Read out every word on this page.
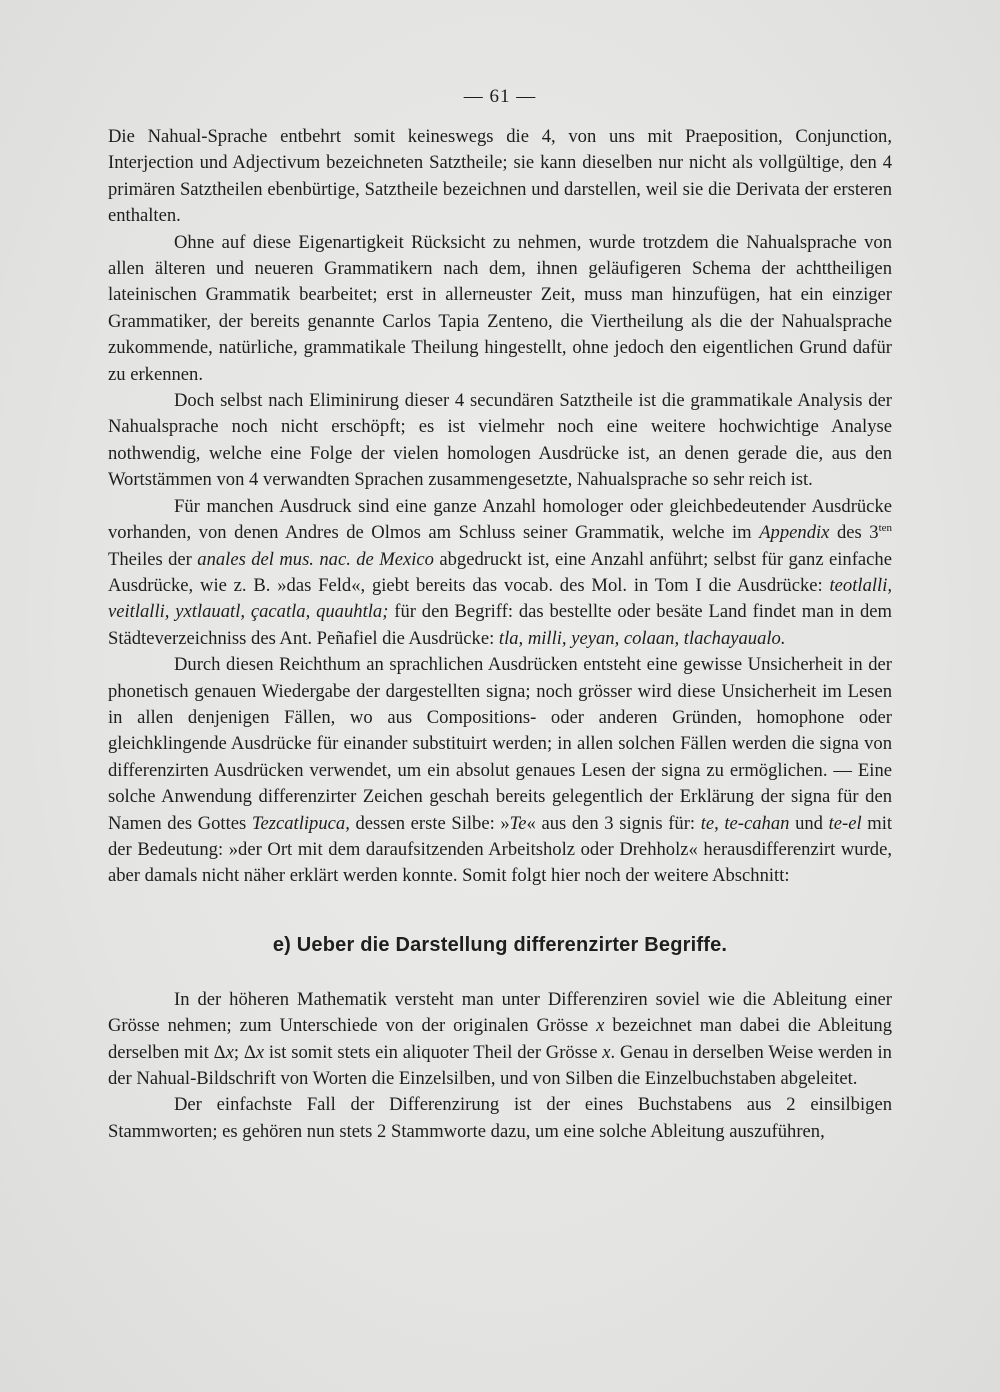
— 61 —

Die Nahual-Sprache entbehrt somit keineswegs die 4, von uns mit Praeposition, Conjunction, Interjection und Adjectivum bezeichneten Satztheile; sie kann dieselben nur nicht als vollgültige, den 4 primären Satztheilen ebenbürtige, Satztheile bezeichnen und darstellen, weil sie die Derivata der ersteren enthalten.

Ohne auf diese Eigenartigkeit Rücksicht zu nehmen, wurde trotzdem die Nahualsprache von allen älteren und neueren Grammatikern nach dem, ihnen geläufigeren Schema der achttheiligen lateinischen Grammatik bearbeitet; erst in allerneuster Zeit, muss man hinzufügen, hat ein einziger Grammatiker, der bereits genannte Carlos Tapia Zenteno, die Viertheilung als die der Nahualsprache zukommende, natürliche, grammatikale Theilung hingestellt, ohne jedoch den eigentlichen Grund dafür zu erkennen.

Doch selbst nach Eliminirung dieser 4 secundären Satztheile ist die grammatikale Analysis der Nahualsprache noch nicht erschöpft; es ist vielmehr noch eine weitere hochwichtige Analyse nothwendig, welche eine Folge der vielen homologen Ausdrücke ist, an denen gerade die, aus den Wortstämmen von 4 verwandten Sprachen zusammengesetzte, Nahualsprache so sehr reich ist.

Für manchen Ausdruck sind eine ganze Anzahl homologer oder gleichbedeutender Ausdrücke vorhanden, von denen Andres de Olmos am Schluss seiner Grammatik, welche im Appendix des $3^{ten}$ Theiles der anales del mus. nac. de Mexico abgedruckt ist, eine Anzahl anführt; selbst für ganz einfache Ausdrücke, wie z. B. »das Feld«, giebt bereits das vocab. des Mol. in Tom I die Ausdrücke: teotlalli, veitlalli, yxtlauatl, çacatla, quauhtla; für den Begriff: das bestellte oder besäte Land findet man in dem Städteverzeichniss des Ant. Peñafiel die Ausdrücke: tla, milli, yeyan, colaan, tlachayaualo.

Durch diesen Reichthum an sprachlichen Ausdrücken entsteht eine gewisse Unsicherheit in der phonetisch genauen Wiedergabe der dargestellten signa; noch grösser wird diese Unsicherheit im Lesen in allen denjenigen Fällen, wo aus Compositions- oder anderen Gründen, homophone oder gleichklingende Ausdrücke für einander substituirt werden; in allen solchen Fällen werden die signa von differenzirten Ausdrücken verwendet, um ein absolut genaues Lesen der signa zu ermöglichen. — Eine solche Anwendung differenzirter Zeichen geschah bereits gelegentlich der Erklärung der signa für den Namen des Gottes Tezcatlipuca, dessen erste Silbe: »Te« aus den 3 signis für: te, te-cahan und te-el mit der Bedeutung: »der Ort mit dem daraufsitzenden Arbeitsholz oder Drehholz« herausdifferenzirt wurde, aber damals nicht näher erklärt werden konnte. Somit folgt hier noch der weitere Abschnitt:

e) Ueber die Darstellung differenzirter Begriffe.

In der höheren Mathematik versteht man unter Differenziren soviel wie die Ableitung einer Grösse nehmen; zum Unterschiede von der originalen Grösse x bezeichnet man dabei die Ableitung derselben mit Δx; Δx ist somit stets ein aliquoter Theil der Grösse x. Genau in derselben Weise werden in der Nahual-Bildschrift von Worten die Einzelsilben, und von Silben die Einzelbuchstaben abgeleitet.

Der einfachste Fall der Differenzirung ist der eines Buchstabens aus 2 einsilbigen Stammworten; es gehören nun stets 2 Stammworte dazu, um eine solche Ableitung auszuführen,
